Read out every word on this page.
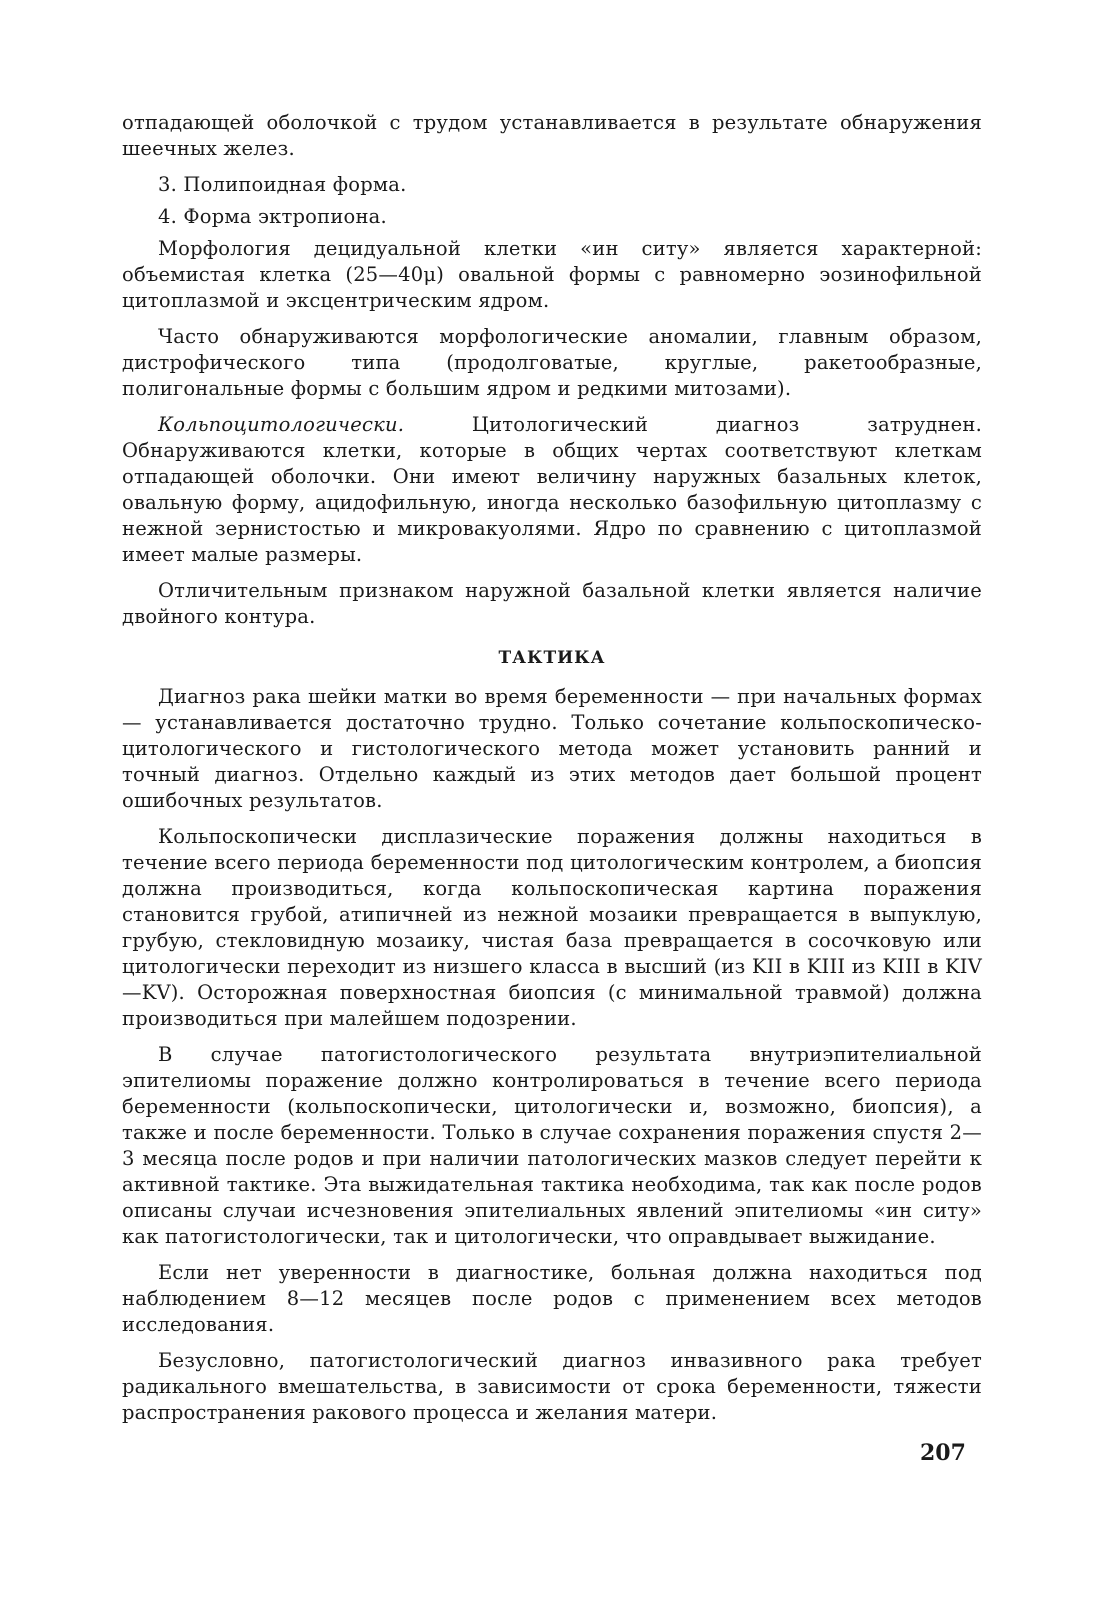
отпадающей оболочкой с трудом устанавливается в результате обнаружения шеечных желез.

3. Полипоидная форма.

4. Форма эктропиона.

Морфология децидуальной клетки «ин ситу» является характерной: объемистая клетка (25—40μ) овальной формы с равномерно эозинофильной цитоплазмой и эксцентрическим ядром.

Часто обнаруживаются морфологические аномалии, главным образом, дистрофического типа (продолговатые, круглые, ракетообразные, полигональные формы с большим ядром и редкими митозами).

Кольпоцитологически. Цитологический диагноз затруднен. Обнаруживаются клетки, которые в общих чертах соответствуют клеткам отпадающей оболочки. Они имеют величину наружных базальных клеток, овальную форму, ацидофильную, иногда несколько базофильную цитоплазму с нежной зернистостью и микровакуолями. Ядро по сравнению с цитоплазмой имеет малые размеры.

Отличительным признаком наружной базальной клетки является наличие двойного контура.

ТАКТИКА

Диагноз рака шейки матки во время беременности — при начальных формах — устанавливается достаточно трудно. Только сочетание кольпоскопическо-цитологического и гистологического метода может установить ранний и точный диагноз. Отдельно каждый из этих методов дает большой процент ошибочных результатов.

Кольпоскопически дисплазические поражения должны находиться в течение всего периода беременности под цитологическим контролем, а биопсия должна производиться, когда кольпоскопическая картина поражения становится грубой, атипичней из нежной мозаики превращается в выпуклую, грубую, стекловидную мозаику, чистая база превращается в сосочковую или цитологически переходит из низшего класса в высший (из KII в KIII из KIII в KIV—KV). Осторожная поверхностная биопсия (с минимальной травмой) должна производиться при малейшем подозрении.

В случае патогистологического результата внутриэпителиальной эпителиомы поражение должно контролироваться в течение всего периода беременности (кольпоскопически, цитологически и, возможно, биопсия), а также и после беременности. Только в случае сохранения поражения спустя 2—3 месяца после родов и при наличии патологических мазков следует перейти к активной тактике. Эта выжидательная тактика необходима, так как после родов описаны случаи исчезновения эпителиальных явлений эпителиомы «ин ситу» как патогистологически, так и цитологически, что оправдывает выжидание.

Если нет уверенности в диагностике, больная должна находиться под наблюдением 8—12 месяцев после родов с применением всех методов исследования.

Безусловно, патогистологический диагноз инвазивного рака требует радикального вмешательства, в зависимости от срока беременности, тяжести распространения ракового процесса и желания матери.

207
